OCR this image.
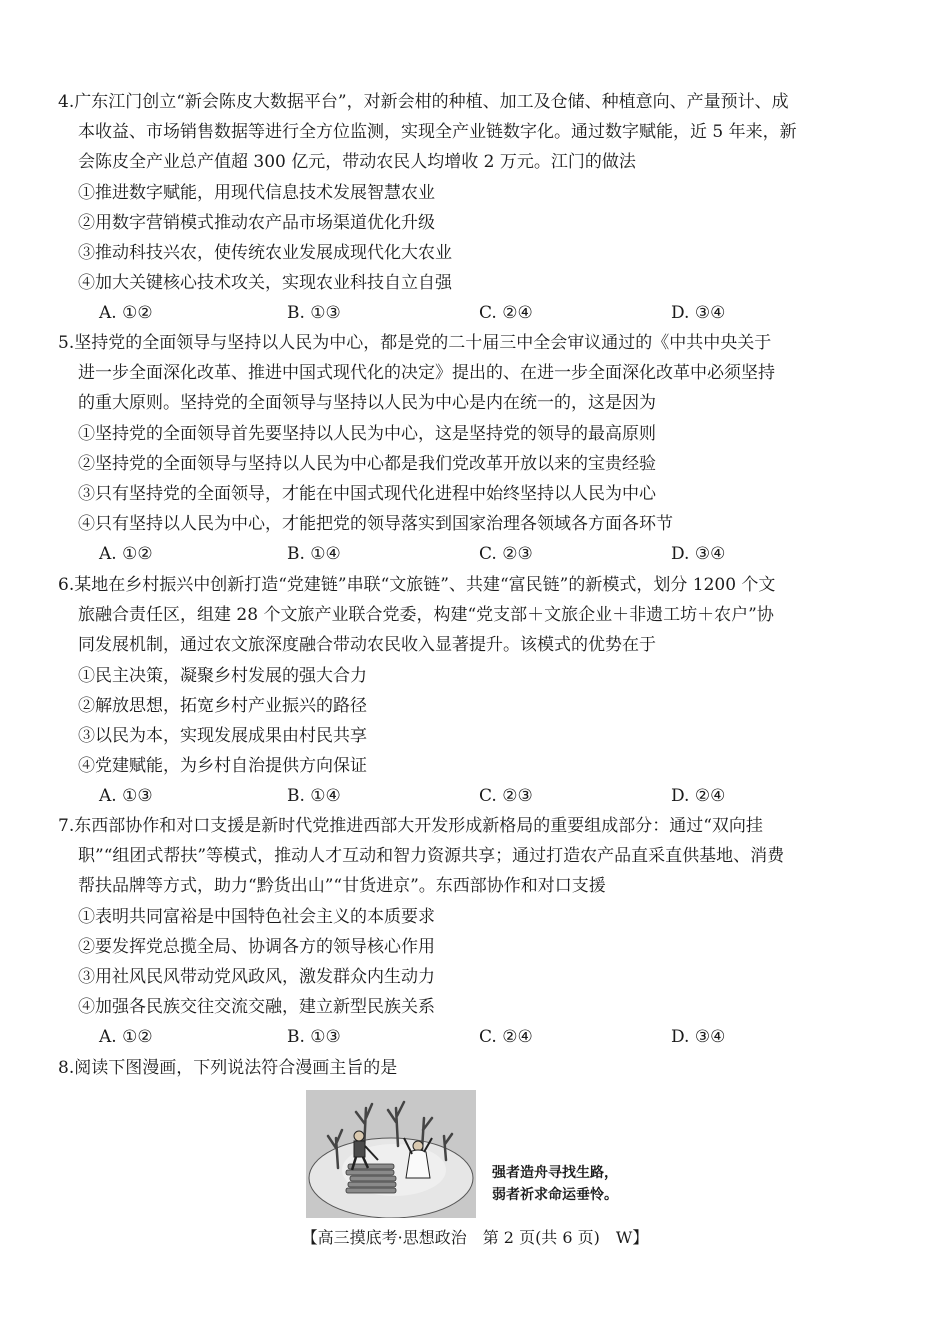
4.广东江门创立“新会陈皮大数据平台”，对新会柑的种植、加工及仓储、种植意向、产量预计、成
本收益、市场销售数据等进行全方位监测，实现全产业链数字化。通过数字赋能，近 5 年来，新
会陈皮全产业总产值超 300 亿元，带动农民人均增收 2 万元。江门的做法
①推进数字赋能，用现代信息技术发展智慧农业
②用数字营销模式推动农产品市场渠道优化升级
③推动科技兴农，使传统农业发展成现代化大农业
④加大关键核心技术攻关，实现农业科技自立自强
A. ①②	B. ①③	C. ②④	D. ③④
5.坚持党的全面领导与坚持以人民为中心，都是党的二十届三中全会审议通过的《中共中央关于
进一步全面深化改革、推进中国式现代化的决定》提出的、在进一步全面深化改革中必须坚持
的重大原则。坚持党的全面领导与坚持以人民为中心是内在统一的，这是因为
①坚持党的全面领导首先要坚持以人民为中心，这是坚持党的领导的最高原则
②坚持党的全面领导与坚持以人民为中心都是我们党改革开放以来的宝贵经验
③只有坚持党的全面领导，才能在中国式现代化进程中始终坚持以人民为中心
④只有坚持以人民为中心，才能把党的领导落实到国家治理各领域各方面各环节
A. ①②	B. ①④	C. ②③	D. ③④
6.某地在乡村振兴中创新打造“党建链”串联“文旅链”、共建“富民链”的新模式，划分 1200 个文
旅融合责任区，组建 28 个文旅产业联合党委，构建“党支部＋文旅企业＋非遗工坊＋农户”协
同发展机制，通过农文旅深度融合带动农民收入显著提升。该模式的优势在于
①民主决策，凝聚乡村发展的强大合力
②解放思想，拓宽乡村产业振兴的路径
③以民为本，实现发展成果由村民共享
④党建赋能，为乡村自治提供方向保证
A. ①③	B. ①④	C. ②③	D. ②④
7.东西部协作和对口支援是新时代党推进西部大开发形成新格局的重要组成部分：通过“双向挂
职”“组团式帮扶”等模式，推动人才互动和智力资源共享；通过打造农产品直采直供基地、消费
帮扶品牌等方式，助力“黔货出山”“甘货进京”。东西部协作和对口支援
①表明共同富裕是中国特色社会主义的本质要求
②要发挥党总揽全局、协调各方的领导核心作用
③用社风民风带动党风政风，激发群众内生动力
④加强各民族交往交流交融，建立新型民族关系
A. ①②	B. ①③	C. ②④	D. ③④
8.阅读下图漫画，下列说法符合漫画主旨的是
强者造舟寻找生路，
弱者祈求命运垂怜。
【高三摸底考·思想政治　第 2 页(共 6 页)　W】
